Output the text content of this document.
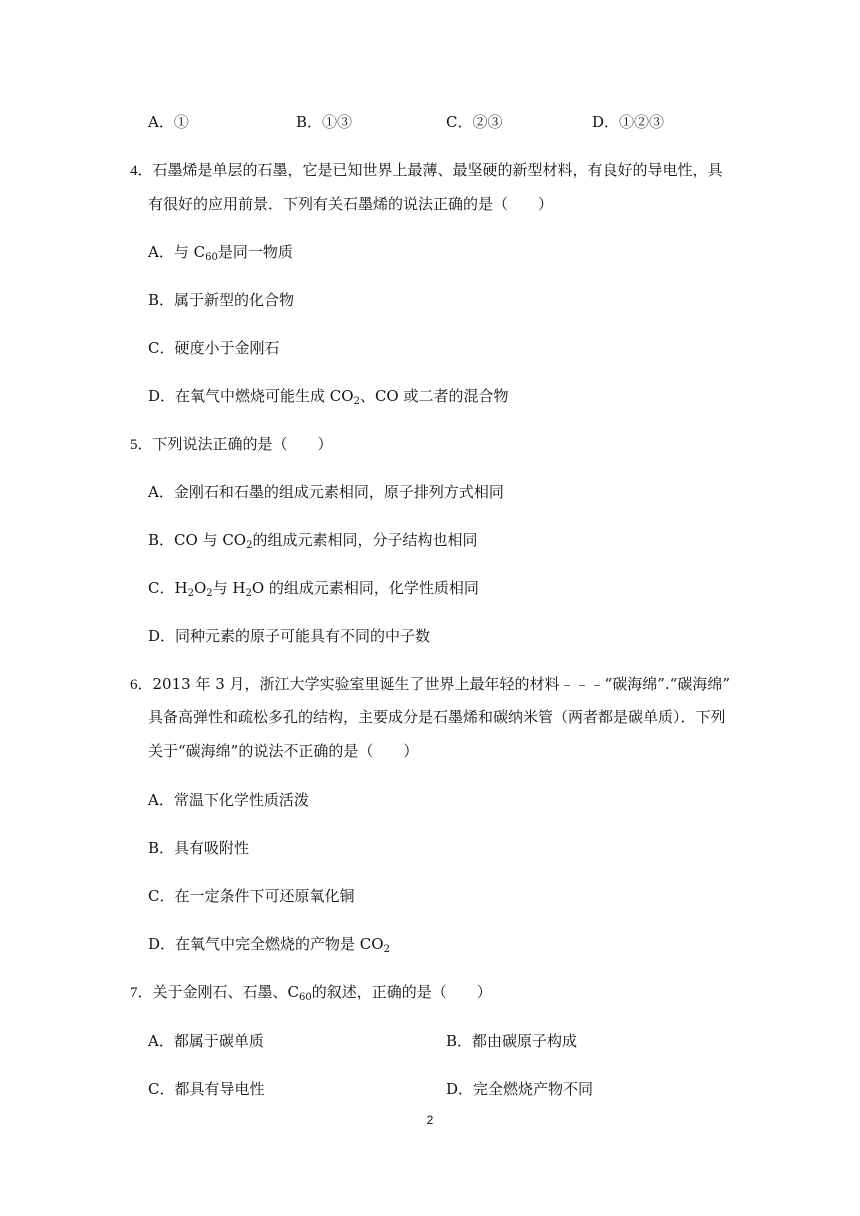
A．①	B．①③	C．②③	D．①②③
4．石墨烯是单层的石墨，它是已知世界上最薄、最坚硬的新型材料，有良好的导电性，具
有很好的应用前景．下列有关石墨烯的说法正确的是（　　）
A．与 $C_{60}$是同一物质
B．属于新型的化合物
C．硬度小于金刚石
D．在氧气中燃烧可能生成 $CO_2$、CO 或二者的混合物
5．下列说法正确的是（　　）
A．金刚石和石墨的组成元素相同，原子排列方式相同
B．CO 与 $CO_2$的组成元素相同，分子结构也相同
C．$H_2O_2$与 $H_2O$ 的组成元素相同，化学性质相同
D．同种元素的原子可能具有不同的中子数
6．2013 年 3 月，浙江大学实验室里诞生了世界上最年轻的材料﹣﹣﹣“碳海绵”.“碳海绵”
具备高弹性和疏松多孔的结构，主要成分是石墨烯和碳纳米管（两者都是碳单质）．下列
关于“碳海绵”的说法不正确的是（　　）
A．常温下化学性质活泼
B．具有吸附性
C．在一定条件下可还原氧化铜
D．在氧气中完全燃烧的产物是 $CO_2$
7．关于金刚石、石墨、$C_{60}$的叙述，正确的是（　　）
A．都属于碳单质	B．都由碳原子构成
C．都具有导电性	D．完全燃烧产物不同
2
